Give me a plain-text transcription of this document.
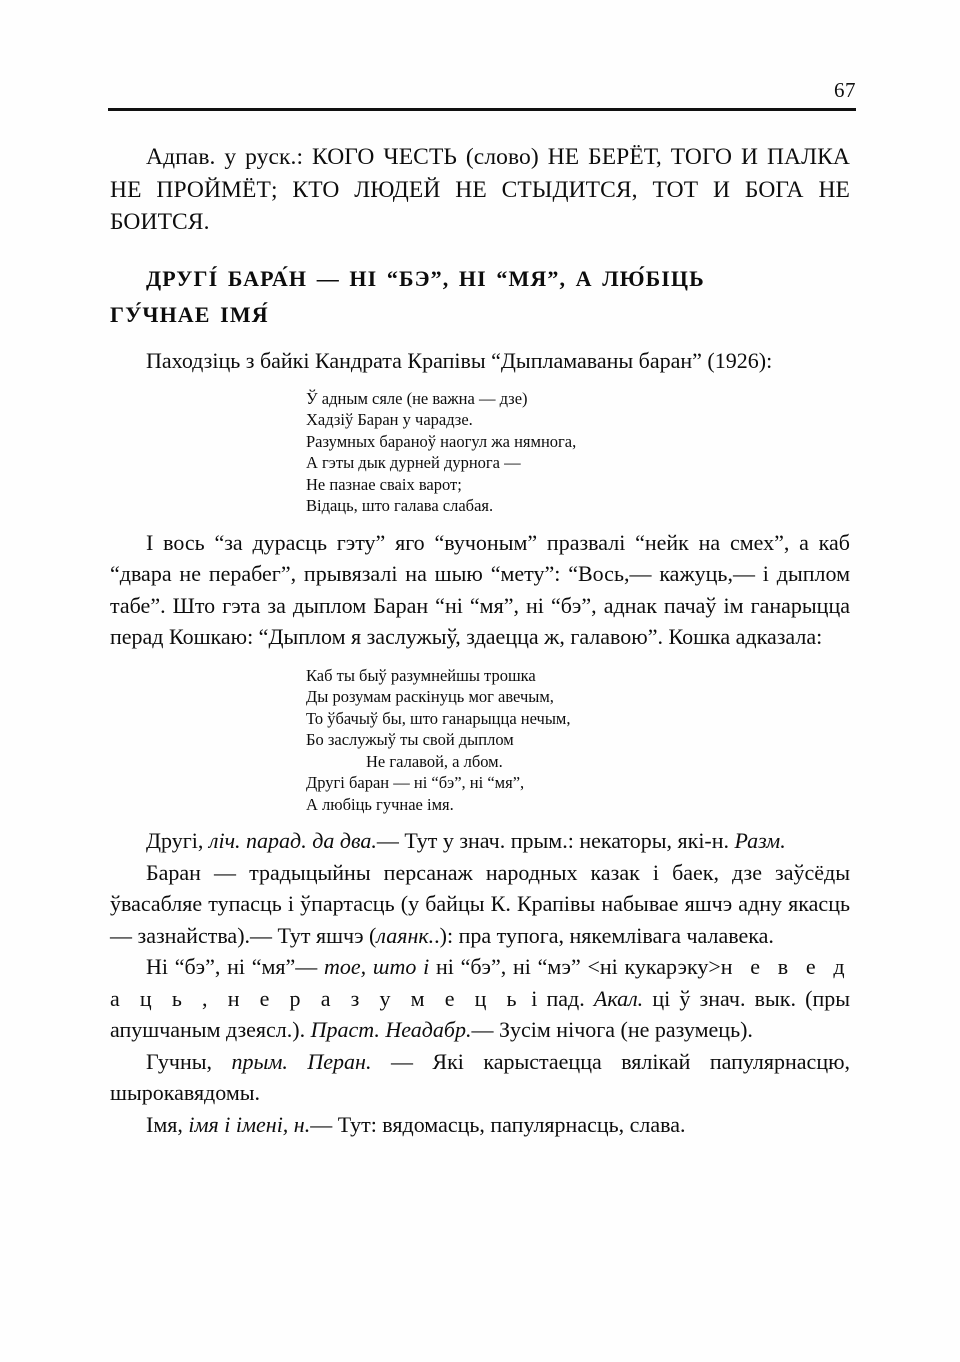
67

Адпав. у руск.: КОГО ЧЕСТЬ (слово) НЕ БЕРЁТ, ТОГО И ПАЛКА НЕ ПРОЙМЁТ; КТО ЛЮДЕЙ НЕ СТЫДИТСЯ, ТОТ И БОГА НЕ БОИТСЯ.

ДРУГІ́ БАРА́Н — НІ “БЭ”, НІ “МЯ”, А ЛЮ́БІЦЬ
ГУ́ЧНАЕ ІМЯ́

Паходзіць з байкі Кандрата Крапівы “Дыпламаваны баран” (1926):

Ў адным сяле (не важна — дзе)
Хадзіў Баран у чарадзе.
Разумных бараноў наогул жа нямнога,
А гэты дык дурней дурнога —
Не пазнае сваіх варот;
Відаць, што галава слабая.

І вось “за дурасць гэту” яго “вучоным” празвалі “нейк на смех”, а каб “двара не перабег”, прывязалі на шыю “мету”: “Вось,— кажуць,— і дыплом табе”. Што гэта за дыплом Баран “ні “мя”, ні “бэ”, аднак пачаў ім ганарыцца перад Кошкаю: “Дыплом я заслужыў, здаецца ж, галавою”. Кошка адказала:

Каб ты быў разумнейшы трошка
Ды розумам раскінуць мог авечым,
То ўбачыў бы, што ганарыцца нечым,
Бо заслужыў ты свой дыплом
Не галавой, а лбом.
Другі баран — ні “бэ”, ні “мя”,
А любіць гучнае імя.

Другі, ліч. парад. да два.— Тут у знач. прым.: некаторы, які-н. Разм.

Баран — традыцыйны персанаж народных казак і баек, дзе заўсёды ўвасабляе тупасць і ўпартасць (у байцы К. Крапівы набывае яшчэ адну якасць — зазнайства).— Тут яшчэ (лаянк..): пра тупога, някемлівага чалавека.

Ні “бэ”, ні “мя”— тое, што і ні “бэ”, ні “мэ” <ні кукарэку>н е в е д а ц ь , н е р а з у м е ц ь і пад. Акал. ці ў знач. вык. (пры апушчаным дзеясл.). Праст. Неадабр.— Зусім нічога (не разумець).

Гучны, прым. Перан. — Які карыстаецца вялікай папулярнасцю, шырокавядомы.

Імя, імя і імені, н.— Тут: вядомасць, папулярнасць, слава.
